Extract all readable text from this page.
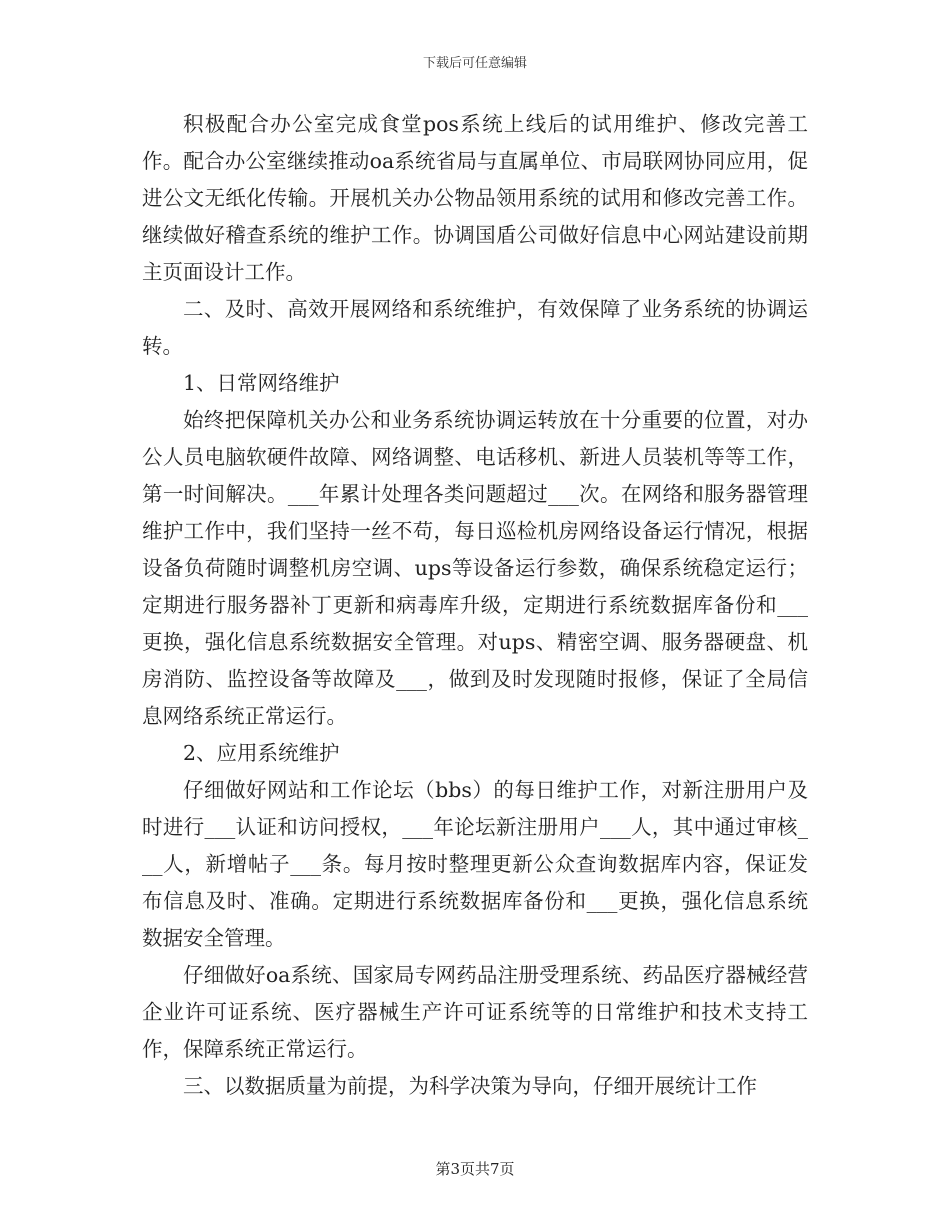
下载后可任意编辑

积极配合办公室完成食堂pos系统上线后的试用维护、修改完善工作。配合办公室继续推动oa系统省局与直属单位、市局联网协同应用，促进公文无纸化传输。开展机关办公物品领用系统的试用和修改完善工作。继续做好稽查系统的维护工作。协调国盾公司做好信息中心网站建设前期主页面设计工作。

二、及时、高效开展网络和系统维护，有效保障了业务系统的协调运转。

1、日常网络维护

始终把保障机关办公和业务系统协调运转放在十分重要的位置，对办公人员电脑软硬件故障、网络调整、电话移机、新进人员装机等等工作，第一时间解决。___年累计处理各类问题超过___次。在网络和服务器管理维护工作中，我们坚持一丝不苟，每日巡检机房网络设备运行情况，根据设备负荷随时调整机房空调、ups等设备运行参数，确保系统稳定运行；定期进行服务器补丁更新和病毒库升级，定期进行系统数据库备份和___更换，强化信息系统数据安全管理。对ups、精密空调、服务器硬盘、机房消防、监控设备等故障及___，做到及时发现随时报修，保证了全局信息网络系统正常运行。

2、应用系统维护

仔细做好网站和工作论坛（bbs）的每日维护工作，对新注册用户及时进行___认证和访问授权，___年论坛新注册用户___人，其中通过审核___人，新增帖子___条。每月按时整理更新公众查询数据库内容，保证发布信息及时、准确。定期进行系统数据库备份和___更换，强化信息系统数据安全管理。

仔细做好oa系统、国家局专网药品注册受理系统、药品医疗器械经营企业许可证系统、医疗器械生产许可证系统等的日常维护和技术支持工作，保障系统正常运行。

三、以数据质量为前提，为科学决策为导向，仔细开展统计工作

第3页共7页
